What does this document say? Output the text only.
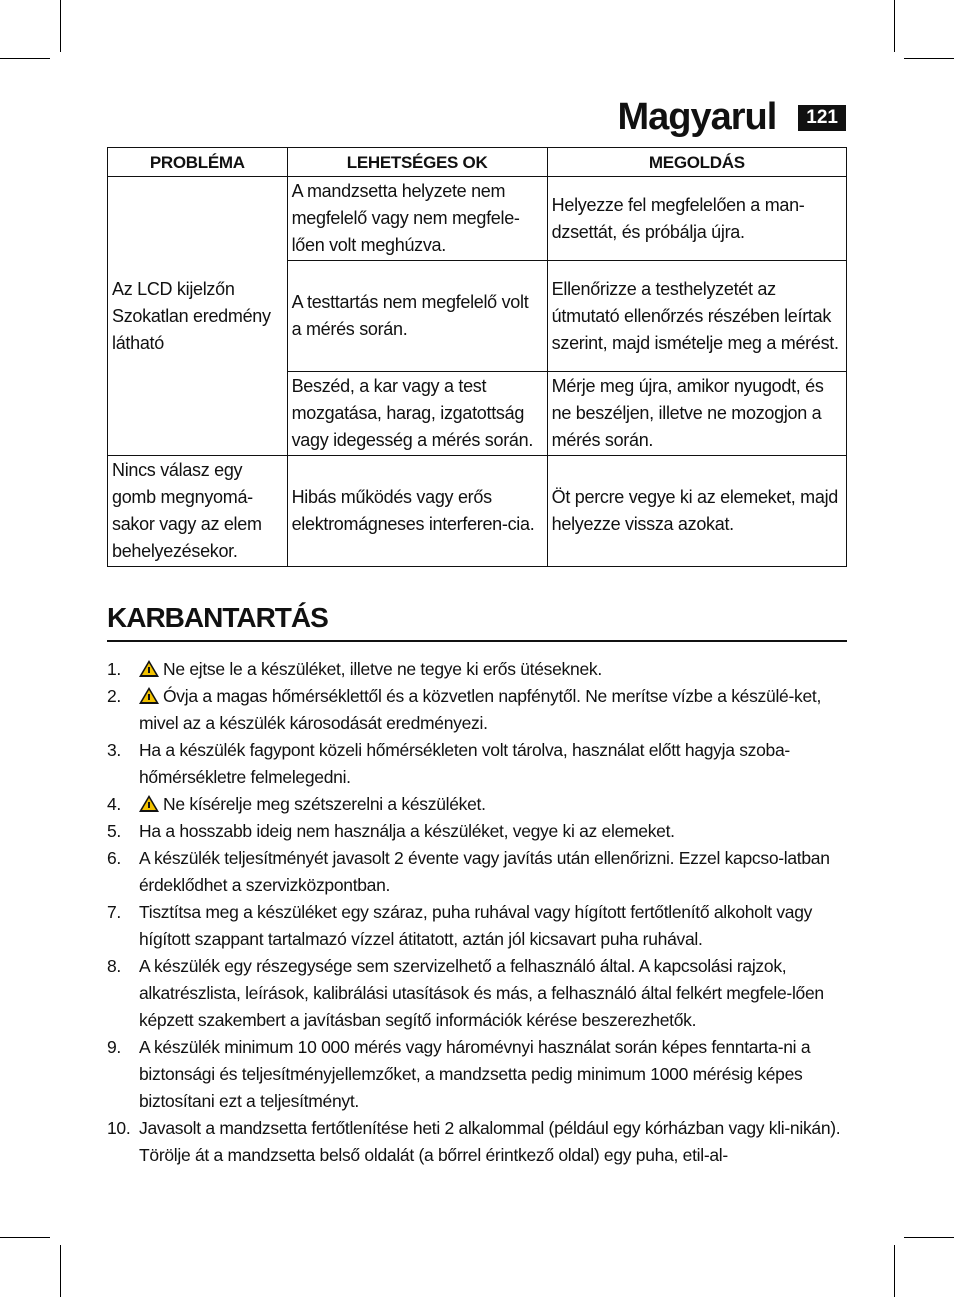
Magyarul	121
PROBLÉMA	LEHETSÉGES OK	MEGOLDÁS
Az LCD kijelzőn Szokatlan eredmény látható	A mandzsetta helyzete nem megfelelő vagy nem megfele-lően volt meghúzva.	Helyezze fel megfelelően a man-dzsettát, és próbálja újra.
	A testtartás nem megfelelő volt a mérés során.	Ellenőrizze a testhelyzetét az útmutató ellenőrzés részében leírtak szerint, majd ismételje meg a mérést.
	Beszéd, a kar vagy a test mozgatása, harag, izgatottság vagy idegesség a mérés során.	Mérje meg újra, amikor nyugodt, és ne beszéljen, illetve ne mozogjon a mérés során.
Nincs válasz egy gomb megnyomá-sakor vagy az elem behelyezésekor.	Hibás működés vagy erős elektromágneses interferen-cia.	Öt percre vegye ki az elemeket, majd helyezze vissza azokat.
KARBANTARTÁS
1. Ne ejtse le a készüléket, illetve ne tegye ki erős ütéseknek.
2. Óvja a magas hőmérséklettől és a közvetlen napfénytől. Ne merítse vízbe a készülé-ket, mivel az a készülék károsodását eredményezi.
3. Ha a készülék fagypont közeli hőmérsékleten volt tárolva, használat előtt hagyja szoba-hőmérsékletre felmelegedni.
4. Ne kísérelje meg szétszerelni a készüléket.
5. Ha a hosszabb ideig nem használja a készüléket, vegye ki az elemeket.
6. A készülék teljesítményét javasolt 2 évente vagy javítás után ellenőrizni. Ezzel kapcso-latban érdeklődhet a szervizközpontban.
7. Tisztítsa meg a készüléket egy száraz, puha ruhával vagy hígított fertőtlenítő alkoholt vagy hígított szappant tartalmazó vízzel átitatott, aztán jól kicsavart puha ruhával.
8. A készülék egy részegysége sem szervizelhető a felhasználó által. A kapcsolási rajzok, alkatrészlista, leírások, kalibrálási utasítások és más, a felhasználó által felkért megfele-lően képzett szakembert a javításban segítő információk kérése beszerezhetők.
9. A készülék minimum 10 000 mérés vagy háromévnyi használat során képes fenntarta-ni a biztonsági és teljesítményjellemzőket, a mandzsetta pedig minimum 1000 mérésig képes biztosítani ezt a teljesítményt.
10. Javasolt a mandzsetta fertőtlenítése heti 2 alkalommal (például egy kórházban vagy kli-nikán). Törölje át a mandzsetta belső oldalát (a bőrrel érintkező oldal) egy puha, etil-al-
